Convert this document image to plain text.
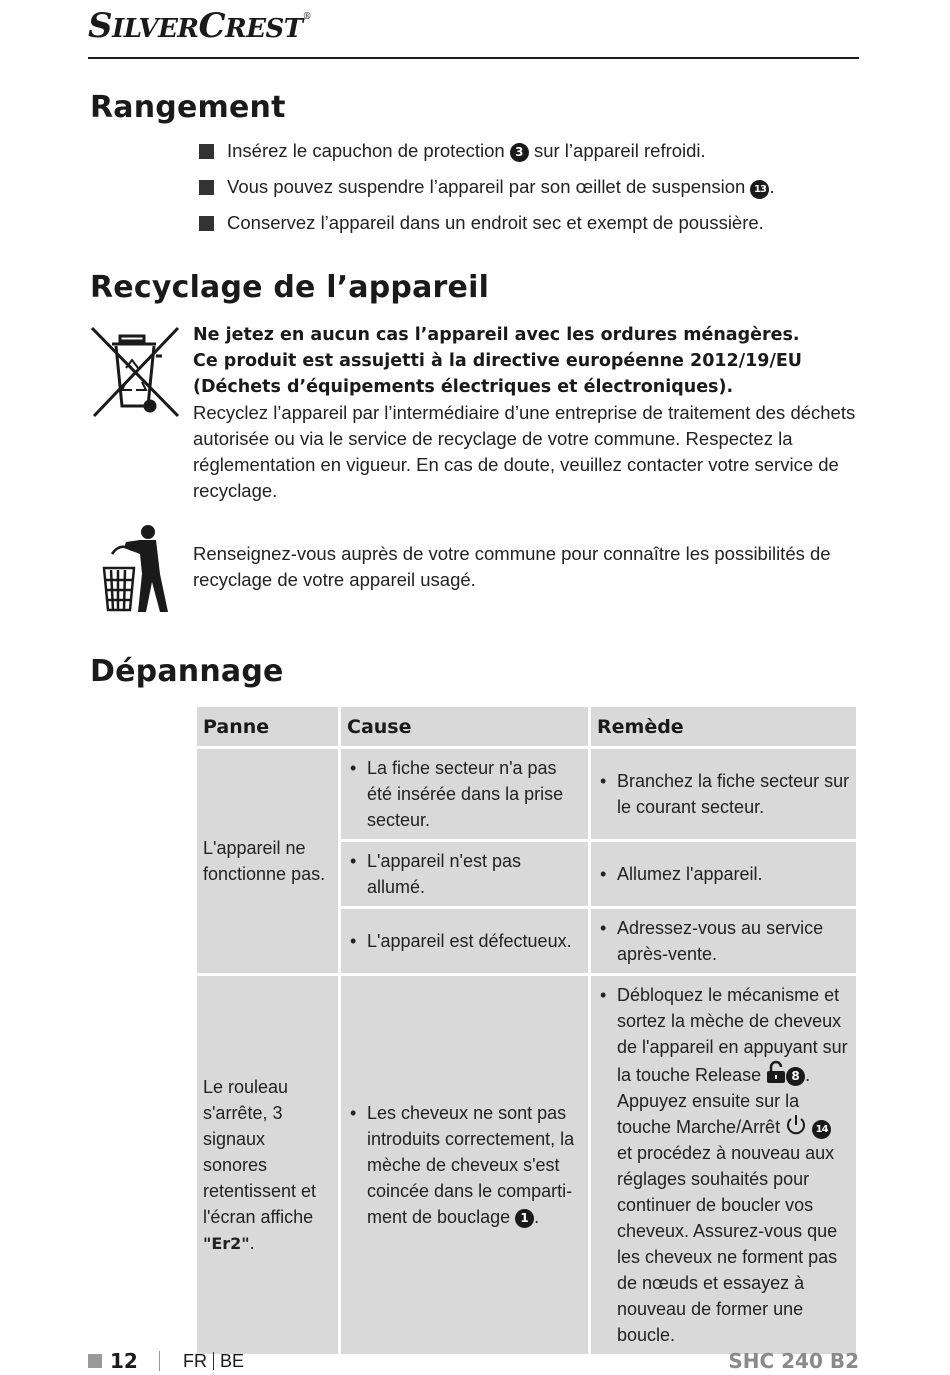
SILVERCREST®
Rangement
Insérez le capuchon de protection 3 sur l’appareil refroidi.
Vous pouvez suspendre l’appareil par son œillet de suspension 13 .
Conservez l’appareil dans un endroit sec et exempt de poussière.
Recyclage de l’appareil
Ne jetez en aucun cas l’appareil avec les ordures ménagères.
Ce produit est assujetti à la directive européenne 2012/19/EU
(Déchets d’équipements électriques et électroniques).
Recyclez l’appareil par l’intermédiaire d’une entreprise de traitement des déchets autorisée ou via le service de recyclage de votre commune. Respectez la réglementation en vigueur. En cas de doute, veuillez contacter votre service de recyclage.
Renseignez-vous auprès de votre commune pour connaître les possibilités de recyclage de votre appareil usagé.
Dépannage
Panne	Cause	Remède
L'appareil ne fonctionne pas.	• La fiche secteur n'a pas été insérée dans la prise secteur.	• Branchez la fiche secteur sur le courant secteur.

	• L'appareil n'est pas allumé.	• Allumez l'appareil.

	• L'appareil est défectueux.	• Adressez-vous au service après-vente.

Le rouleau s'arrête, 3 signaux sonores retentissent et l'écran affiche "Er2".	• Les cheveux ne sont pas introduits correctement, la mèche de cheveux s'est coincée dans le comparti-ment de bouclage 1 .	• Débloquez le mécanisme et sortez la mèche de cheveux de l'appareil en appuyant sur la touche Release 8 . Appuyez ensuite sur la touche Marche/Arrêt 14 et procédez à nouveau aux réglages souhaités pour continuer de boucler vos cheveux. Assurez-vous que les cheveux ne forment pas de nœuds et essayez à nouveau de former une boucle.
12	FR BE	SHC 240 B2
